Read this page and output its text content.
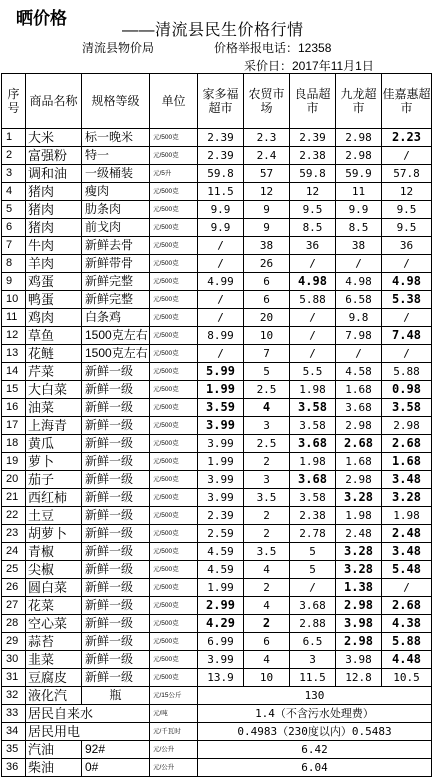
晒价格
——清流县民生价格行情
清流县物价局	价格举报电话：12358
采价日：2017年11月1日
序号	商品名称	规格等级	单位	家多福超市	农贸市场	良品超市	九龙超市	佳嘉惠超市
1	大米	标一晚米	元/500克	2.39	2.3	2.39	2.98	2.23
2	富强粉	特一	元/500克	2.39	2.4	2.38	2.98	/
3	调和油	一级桶装	元/5升	59.8	57	59.8	59.9	57.8
4	猪肉	瘦肉	元/500克	11.5	12	12	11	12
5	猪肉	肋条肉	元/500克	9.9	9	9.5	9.9	9.5
6	猪肉	前戈肉	元/500克	9.9	9	8.5	8.5	9.5
7	牛肉	新鲜去骨	元/500克	/	38	36	38	36
8	羊肉	新鲜带骨	元/500克	/	26	/	/	/
9	鸡蛋	新鲜完整	元/500克	4.99	6	4.98	4.98	4.98
10	鸭蛋	新鲜完整	元/500克	/	6	5.88	6.58	5.38
11	鸡肉	白条鸡	元/500克	/	20	/	9.8	/
12	草鱼	1500克左右	元/500克	8.99	10	/	7.98	7.48
13	花鲢	1500克左右	元/500克	/	7	/	/	/
14	芹菜	新鲜一级	元/500克	5.99	5	5.5	4.58	5.88
15	大白菜	新鲜一级	元/500克	1.99	2.5	1.98	1.68	0.98
16	油菜	新鲜一级	元/500克	3.59	4	3.58	3.68	3.58
17	上海青	新鲜一级	元/500克	3.99	3	3.58	2.98	2.98
18	黄瓜	新鲜一级	元/500克	3.99	2.5	3.68	2.68	2.68
19	萝卜	新鲜一级	元/500克	1.99	2	1.98	1.68	1.68
20	茄子	新鲜一级	元/500克	3.99	3	3.68	2.98	3.48
21	西红柿	新鲜一级	元/500克	3.99	3.5	3.58	3.28	3.28
22	土豆	新鲜一级	元/500克	2.39	2	2.38	1.98	1.98
23	胡萝卜	新鲜一级	元/500克	2.59	2	2.78	2.48	2.48
24	青椒	新鲜一级	元/500克	4.59	3.5	5	3.28	3.48
25	尖椒	新鲜一级	元/500克	4.59	4	5	3.28	5.48
26	圆白菜	新鲜一级	元/500克	1.99	2	/	1.38	/
27	花菜	新鲜一级	元/500克	2.99	4	3.68	2.98	2.68
28	空心菜	新鲜一级	元/500克	4.29	2	2.88	3.98	4.38
29	蒜苔	新鲜一级	元/500克	6.99	6	6.5	2.98	5.88
30	韭菜	新鲜一级	元/500克	3.99	4	3	3.98	4.48
31	豆腐皮	新鲜一级	元/500克	13.9	10	11.5	12.8	10.5
32	液化汽	瓶	元/15公斤	130				
33	居民自来水		元/吨	1.4（不含污水处理费）				
34	居民用电		元/千瓦时	0.4983（230度以内）0.5483				
35	汽油	92#	元/公升	6.42				
36	柴油	0#	元/公升	6.04				
